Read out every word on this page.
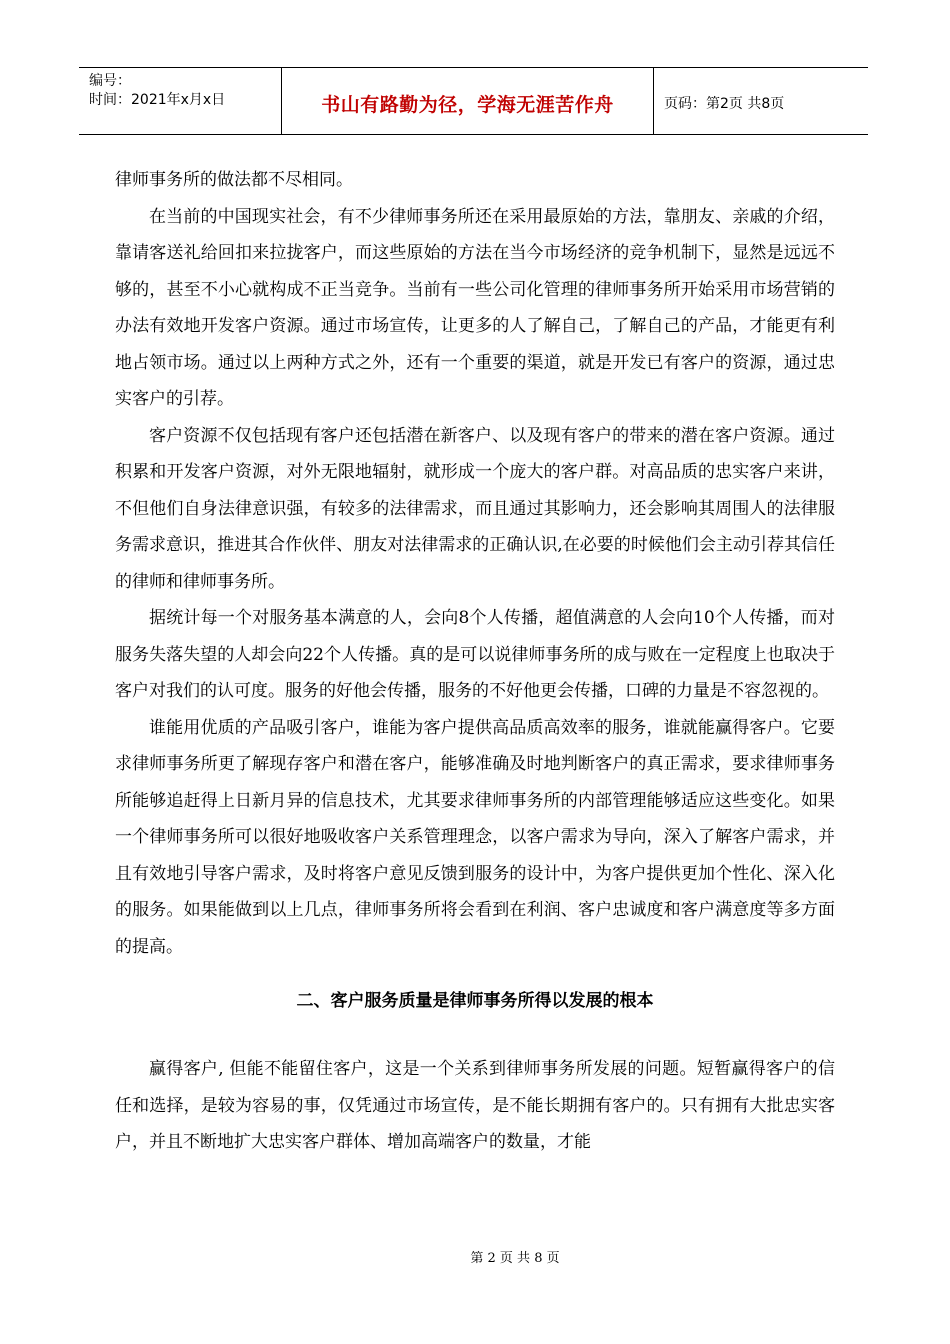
编号：
时间：2021年x月x日	书山有路勤为径，学海无涯苦作舟	页码：第2页 共8页

律师事务所的做法都不尽相同。

在当前的中国现实社会，有不少律师事务所还在采用最原始的方法，靠朋友、亲戚的介绍，靠请客送礼给回扣来拉拢客户，而这些原始的方法在当今市场经济的竞争机制下，显然是远远不够的，甚至不小心就构成不正当竞争。当前有一些公司化管理的律师事务所开始采用市场营销的办法有效地开发客户资源。通过市场宣传，让更多的人了解自己，了解自己的产品，才能更有利地占领市场。通过以上两种方式之外，还有一个重要的渠道，就是开发已有客户的资源，通过忠实客户的引荐。

客户资源不仅包括现有客户还包括潜在新客户、以及现有客户的带来的潜在客户资源。通过积累和开发客户资源，对外无限地辐射，就形成一个庞大的客户群。对高品质的忠实客户来讲，不但他们自身法律意识强，有较多的法律需求，而且通过其影响力，还会影响其周围人的法律服务需求意识，推进其合作伙伴、朋友对法律需求的正确认识,在必要的时候他们会主动引荐其信任的律师和律师事务所。

据统计每一个对服务基本满意的人，会向8个人传播，超值满意的人会向10个人传播，而对服务失落失望的人却会向22个人传播。真的是可以说律师事务所的成与败在一定程度上也取决于客户对我们的认可度。服务的好他会传播，服务的不好他更会传播，口碑的力量是不容忽视的。

谁能用优质的产品吸引客户，谁能为客户提供高品质高效率的服务，谁就能赢得客户。它要求律师事务所更了解现存客户和潜在客户，能够准确及时地判断客户的真正需求，要求律师事务所能够追赶得上日新月异的信息技术，尤其要求律师事务所的内部管理能够适应这些变化。如果一个律师事务所可以很好地吸收客户关系管理理念，以客户需求为导向，深入了解客户需求，并且有效地引导客户需求，及时将客户意见反馈到服务的设计中，为客户提供更加个性化、深入化的服务。如果能做到以上几点，律师事务所将会看到在利润、客户忠诚度和客户满意度等多方面的提高。

二、客户服务质量是律师事务所得以发展的根本

赢得客户, 但能不能留住客户，这是一个关系到律师事务所发展的问题。短暂赢得客户的信任和选择，是较为容易的事，仅凭通过市场宣传，是不能长期拥有客户的。只有拥有大批忠实客户，并且不断地扩大忠实客户群体、增加高端客户的数量，才能

第 2 页 共 8 页
